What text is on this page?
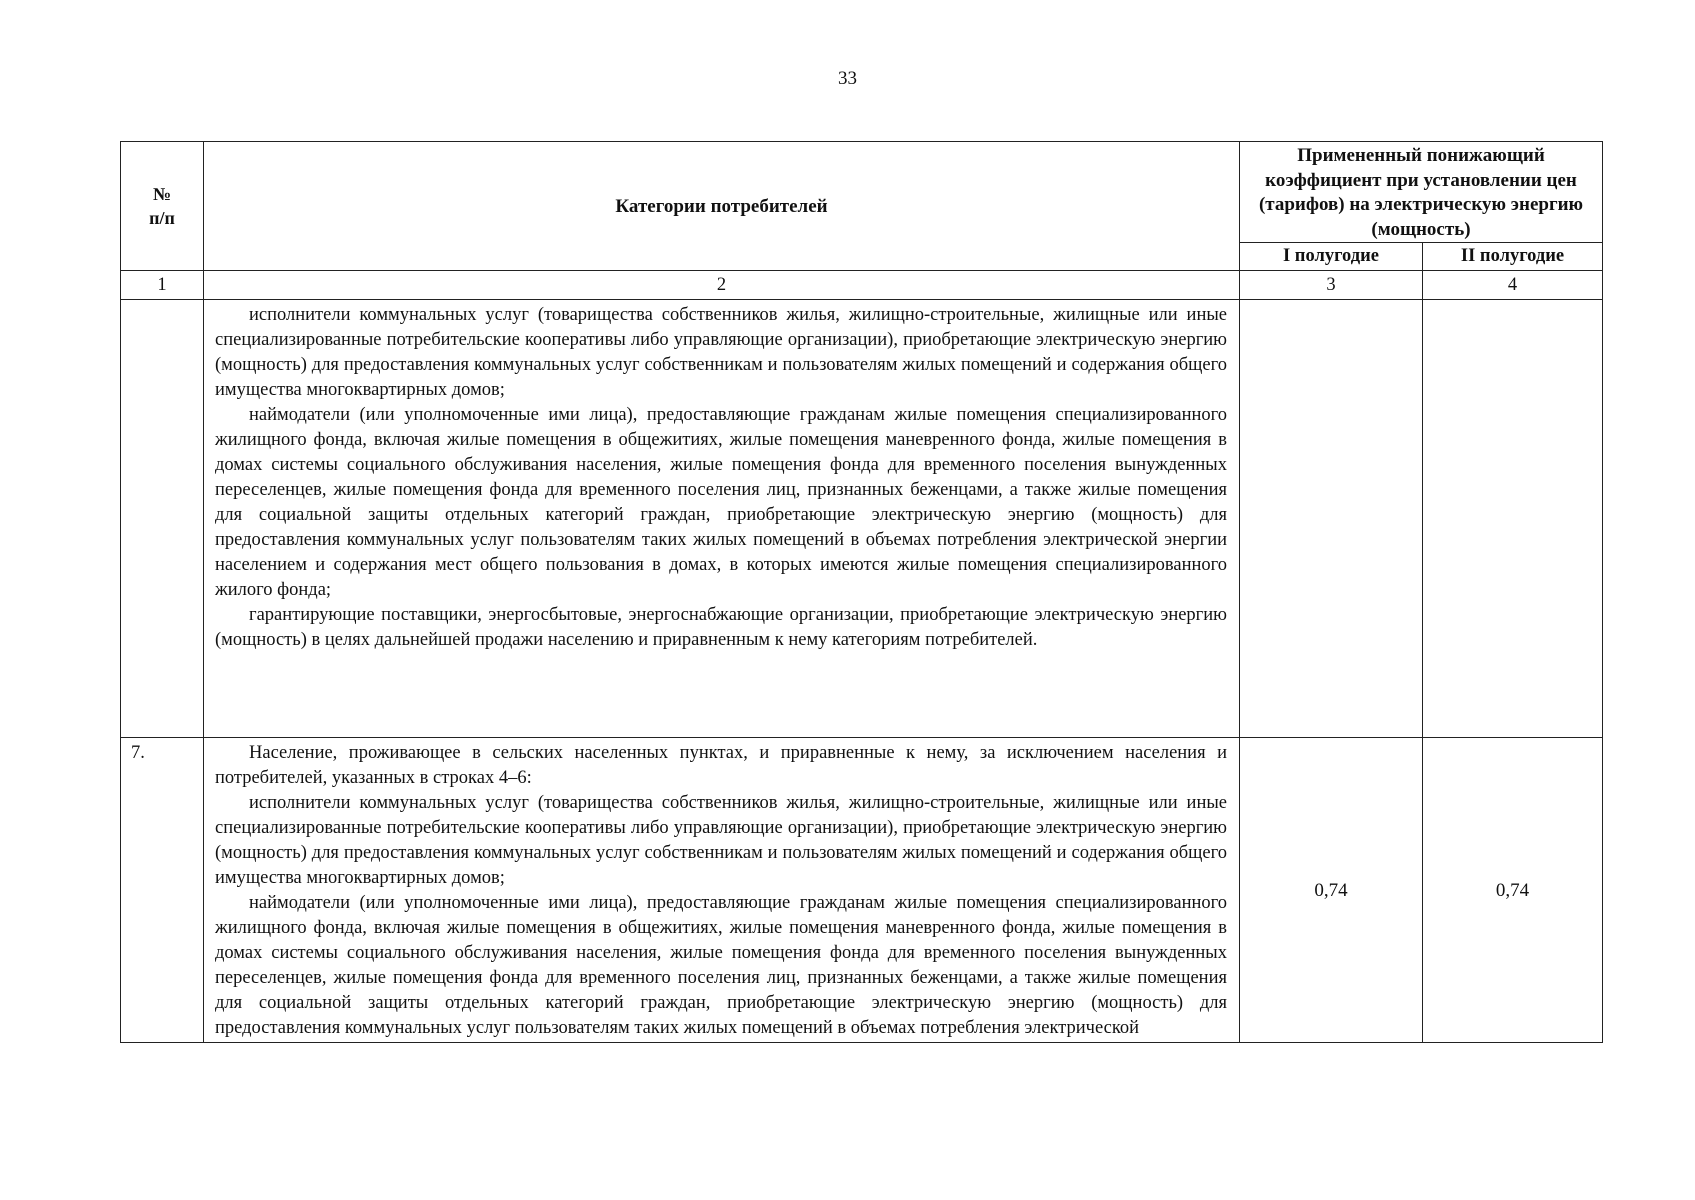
33
№
п/п	Категории потребителей	Примененный понижающий коэффициент при установлении цен (тарифов) на электрическую энергию (мощность)	
		I полугодие	II полугодие
1	2	3	4

	исполнители коммунальных услуг (товарищества собственников жилья, жилищно-строительные, жилищные или иные специализированные потребительские кооперативы либо управляющие организации), приобретающие электрическую энергию (мощность) для предоставления коммунальных услуг собственникам и пользователям жилых помещений и содержания общего имущества многоквартирных домов;

наймодатели (или уполномоченные ими лица), предоставляющие гражданам жилые помещения специализированного жилищного фонда, включая жилые помещения в общежитиях, жилые помещения маневренного фонда, жилые помещения в домах системы социального обслуживания населения, жилые помещения фонда для временного поселения вынужденных переселенцев, жилые помещения фонда для временного поселения лиц, признанных беженцами, а также жилые помещения для социальной защиты отдельных категорий граждан, приобретающие электрическую энергию (мощность) для предоставления коммунальных услуг пользователям таких жилых помещений в объемах потребления электрической энергии населением и содержания мест общего пользования в домах, в которых имеются жилые помещения специализированного жилого фонда;

гарантирующие поставщики, энергосбытовые, энергоснабжающие организации, приобретающие электрическую энергию (мощность) в целях дальнейшей продажи населению и приравненным к нему категориям потребителей.		

7.	Население, проживающее в сельских населенных пунктах, и приравненные к нему, за исключением населения и потребителей, указанных в строках 4–6:

исполнители коммунальных услуг (товарищества собственников жилья, жилищно-строительные, жилищные или иные специализированные потребительские кооперативы либо управляющие организации), приобретающие электрическую энергию (мощность) для предоставления коммунальных услуг собственникам и пользователям жилых помещений и содержания общего имущества многоквартирных домов;

наймодатели (или уполномоченные ими лица), предоставляющие гражданам жилые помещения специализированного жилищного фонда, включая жилые помещения в общежитиях, жилые помещения маневренного фонда, жилые помещения в домах системы социального обслуживания населения, жилые помещения фонда для временного поселения вынужденных переселенцев, жилые помещения фонда для временного поселения лиц, признанных беженцами, а также жилые помещения для социальной защиты отдельных категорий граждан, приобретающие электрическую энергию (мощность) для предоставления коммунальных услуг пользователям таких жилых помещений в объемах потребления электрической	0,74	0,74
